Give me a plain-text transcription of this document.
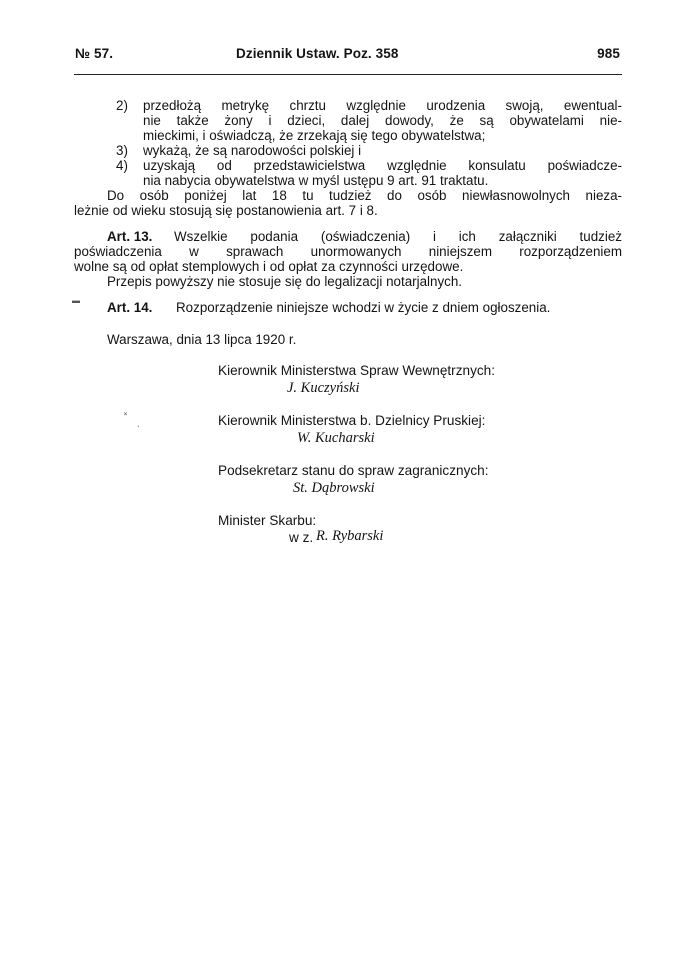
№ 57.	Dziennik Ustaw. Poz. 358	985
2) przedłożą metrykę chrztu względnie urodzenia swoją, ewentual-
nie także żony i dzieci, dalej dowody, że są obywatelami nie-
mieckimi, i oświadczą, że zrzekają się tego obywatelstwa;
3) wykażą, że są narodowości polskiej i
4) uzyskają od przedstawicielstwa względnie konsulatu poświadcze-
nia nabycia obywatelstwa w myśl ustępu 9 art. 91 traktatu.
Do osób poniżej lat 18 tu tudzież do osób niewłasnowolnych nieza-
leżnie od wieku stosują się postanowienia art. 7 i 8.
Art. 13. Wszelkie podania (oświadczenia) i ich załączniki tudzież
poświadczenia w sprawach unormowanych niniejszem rozporządzeniem
wolne są od opłat stemplowych i od opłat za czynności urzędowe.
Przepis powyższy nie stosuje się do legalizacji notarjalnych.
Art. 14. Rozporządzenie niniejsze wchodzi w życie z dniem ogłoszenia.
Warszawa, dnia 13 lipca 1920 r.
Kierownik Ministerstwa Spraw Wewnętrznych:
J. Kuczyński
Kierownik Ministerstwa b. Dzielnicy Pruskiej:
W. Kucharski
Podsekretarz stanu do spraw zagranicznych:
St. Dąbrowski
Minister Skarbu:
w z. R. Rybarski
˟
ˎ
▬
